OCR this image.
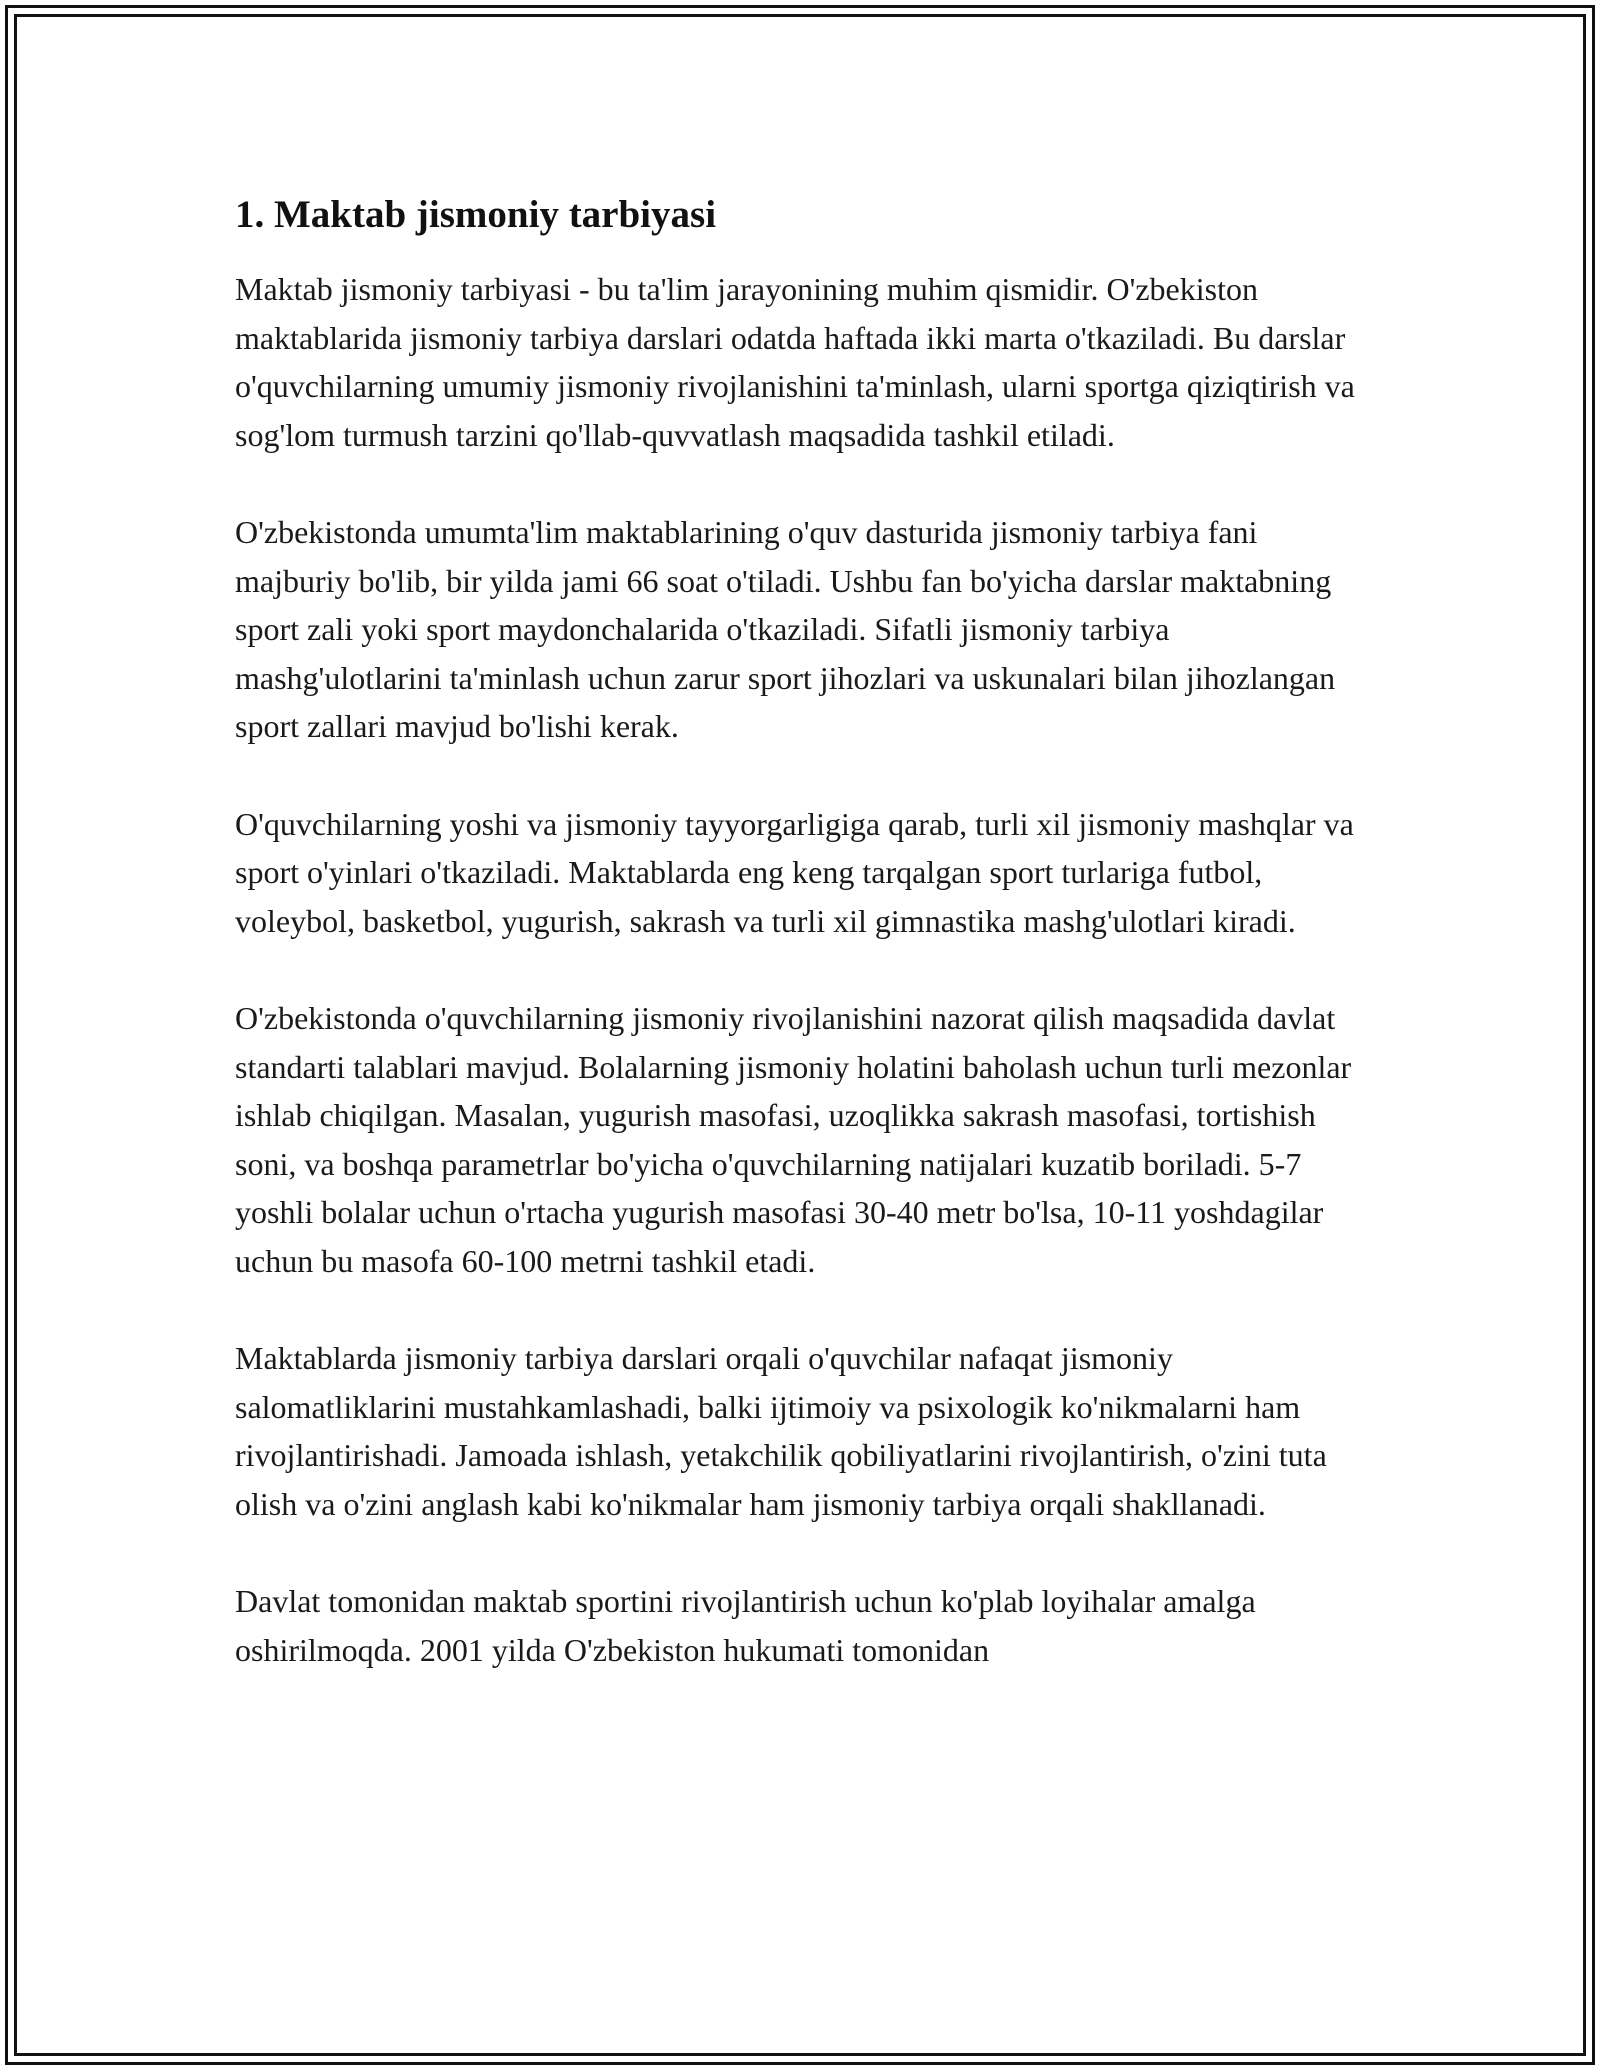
1. Maktab jismoniy tarbiyasi

Maktab jismoniy tarbiyasi - bu ta'lim jarayonining muhim qismidir. O'zbekiston maktablarida jismoniy tarbiya darslari odatda haftada ikki marta o'tkaziladi. Bu darslar o'quvchilarning umumiy jismoniy rivojlanishini ta'minlash, ularni sportga qiziqtirish va sog'lom turmush tarzini qo'llab-quvvatlash maqsadida tashkil etiladi.

O'zbekistonda umumta'lim maktablarining o'quv dasturida jismoniy tarbiya fani majburiy bo'lib, bir yilda jami 66 soat o'tiladi. Ushbu fan bo'yicha darslar maktabning sport zali yoki sport maydonchalarida o'tkaziladi. Sifatli jismoniy tarbiya mashg'ulotlarini ta'minlash uchun zarur sport jihozlari va uskunalari bilan jihozlangan sport zallari mavjud bo'lishi kerak.

O'quvchilarning yoshi va jismoniy tayyorgarligiga qarab, turli xil jismoniy mashqlar va sport o'yinlari o'tkaziladi. Maktablarda eng keng tarqalgan sport turlariga futbol, voleybol, basketbol, yugurish, sakrash va turli xil gimnastika mashg'ulotlari kiradi.

O'zbekistonda o'quvchilarning jismoniy rivojlanishini nazorat qilish maqsadida davlat standarti talablari mavjud. Bolalarning jismoniy holatini baholash uchun turli mezonlar ishlab chiqilgan. Masalan, yugurish masofasi, uzoqlikka sakrash masofasi, tortishish soni, va boshqa parametrlar bo'yicha o'quvchilarning natijalari kuzatib boriladi. 5-7 yoshli bolalar uchun o'rtacha yugurish masofasi 30-40 metr bo'lsa, 10-11 yoshdagilar uchun bu masofa 60-100 metrni tashkil etadi.

Maktablarda jismoniy tarbiya darslari orqali o'quvchilar nafaqat jismoniy salomatliklarini mustahkamlashadi, balki ijtimoiy va psixologik ko'nikmalarni ham rivojlantirishadi. Jamoada ishlash, yetakchilik qobiliyatlarini rivojlantirish, o'zini tuta olish va o'zini anglash kabi ko'nikmalar ham jismoniy tarbiya orqali shakllanadi.

Davlat tomonidan maktab sportini rivojlantirish uchun ko'plab loyihalar amalga oshirilmoqda. 2001 yilda O'zbekiston hukumati tomonidan
